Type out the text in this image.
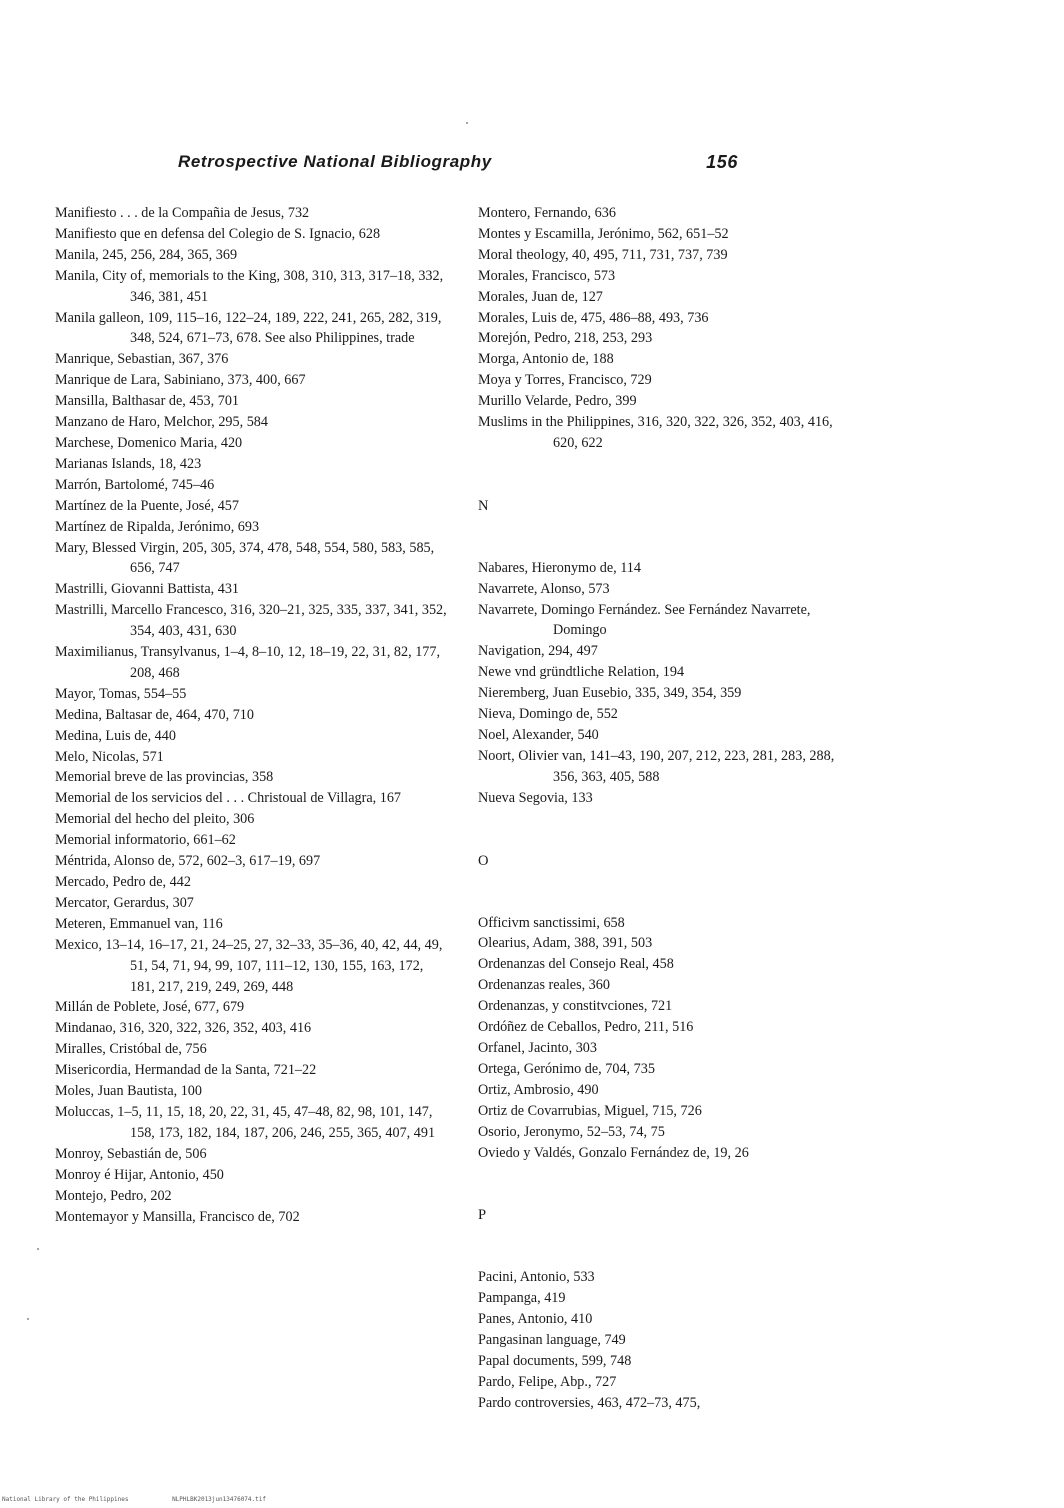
Retrospective National Bibliography	156
Manifiesto . . . de la Compañia de Jesus, 732
Manifiesto que en defensa del Colegio de S. Ignacio, 628
Manila, 245, 256, 284, 365, 369
Manila, City of, memorials to the King, 308, 310, 313, 317–18, 332, 346, 381, 451
Manila galleon, 109, 115–16, 122–24, 189, 222, 241, 265, 282, 319, 348, 524, 671–73, 678. See also Philippines, trade
Manrique, Sebastian, 367, 376
Manrique de Lara, Sabiniano, 373, 400, 667
Mansilla, Balthasar de, 453, 701
Manzano de Haro, Melchor, 295, 584
Marchese, Domenico Maria, 420
Marianas Islands, 18, 423
Marrón, Bartolomé, 745–46
Martínez de la Puente, José, 457
Martínez de Ripalda, Jerónimo, 693
Mary, Blessed Virgin, 205, 305, 374, 478, 548, 554, 580, 583, 585, 656, 747
Mastrilli, Giovanni Battista, 431
Mastrilli, Marcello Francesco, 316, 320–21, 325, 335, 337, 341, 352, 354, 403, 431, 630
Maximilianus, Transylvanus, 1–4, 8–10, 12, 18–19, 22, 31, 82, 177, 208, 468
Mayor, Tomas, 554–55
Medina, Baltasar de, 464, 470, 710
Medina, Luis de, 440
Melo, Nicolas, 571
Memorial breve de las provincias, 358
Memorial de los servicios del . . . Christoual de Villagra, 167
Memorial del hecho del pleito, 306
Memorial informatorio, 661–62
Méntrida, Alonso de, 572, 602–3, 617–19, 697
Mercado, Pedro de, 442
Mercator, Gerardus, 307
Meteren, Emmanuel van, 116
Mexico, 13–14, 16–17, 21, 24–25, 27, 32–33, 35–36, 40, 42, 44, 49, 51, 54, 71, 94, 99, 107, 111–12, 130, 155, 163, 172, 181, 217, 219, 249, 269, 448
Millán de Poblete, José, 677, 679
Mindanao, 316, 320, 322, 326, 352, 403, 416
Miralles, Cristóbal de, 756
Misericordia, Hermandad de la Santa, 721–22
Moles, Juan Bautista, 100
Moluccas, 1–5, 11, 15, 18, 20, 22, 31, 45, 47–48, 82, 98, 101, 147, 158, 173, 182, 184, 187, 206, 246, 255, 365, 407, 491
Monroy, Sebastián de, 506
Monroy é Hijar, Antonio, 450
Montejo, Pedro, 202
Montemayor y Mansilla, Francisco de, 702
Montero, Fernando, 636
Montes y Escamilla, Jerónimo, 562, 651–52
Moral theology, 40, 495, 711, 731, 737, 739
Morales, Francisco, 573
Morales, Juan de, 127
Morales, Luis de, 475, 486–88, 493, 736
Morejón, Pedro, 218, 253, 293
Morga, Antonio de, 188
Moya y Torres, Francisco, 729
Murillo Velarde, Pedro, 399
Muslims in the Philippines, 316, 320, 322, 326, 352, 403, 416, 620, 622
N
Nabares, Hieronymo de, 114
Navarrete, Alonso, 573
Navarrete, Domingo Fernández. See Fernández Navarrete, Domingo
Navigation, 294, 497
Newe vnd gründtliche Relation, 194
Nieremberg, Juan Eusebio, 335, 349, 354, 359
Nieva, Domingo de, 552
Noel, Alexander, 540
Noort, Olivier van, 141–43, 190, 207, 212, 223, 281, 283, 288, 356, 363, 405, 588
Nueva Segovia, 133
O
Officivm sanctissimi, 658
Olearius, Adam, 388, 391, 503
Ordenanzas del Consejo Real, 458
Ordenanzas reales, 360
Ordenanzas, y constitvciones, 721
Ordóñez de Ceballos, Pedro, 211, 516
Orfanel, Jacinto, 303
Ortega, Gerónimo de, 704, 735
Ortiz, Ambrosio, 490
Ortiz de Covarrubias, Miguel, 715, 726
Osorio, Jeronymo, 52–53, 74, 75
Oviedo y Valdés, Gonzalo Fernández de, 19, 26
P
Pacini, Antonio, 533
Pampanga, 419
Panes, Antonio, 410
Pangasinan language, 749
Papal documents, 599, 748
Pardo, Felipe, Abp., 727
Pardo controversies, 463, 472–73, 475,
National Library of the Philippines	NLPHLBK2013jun13476074.tif
